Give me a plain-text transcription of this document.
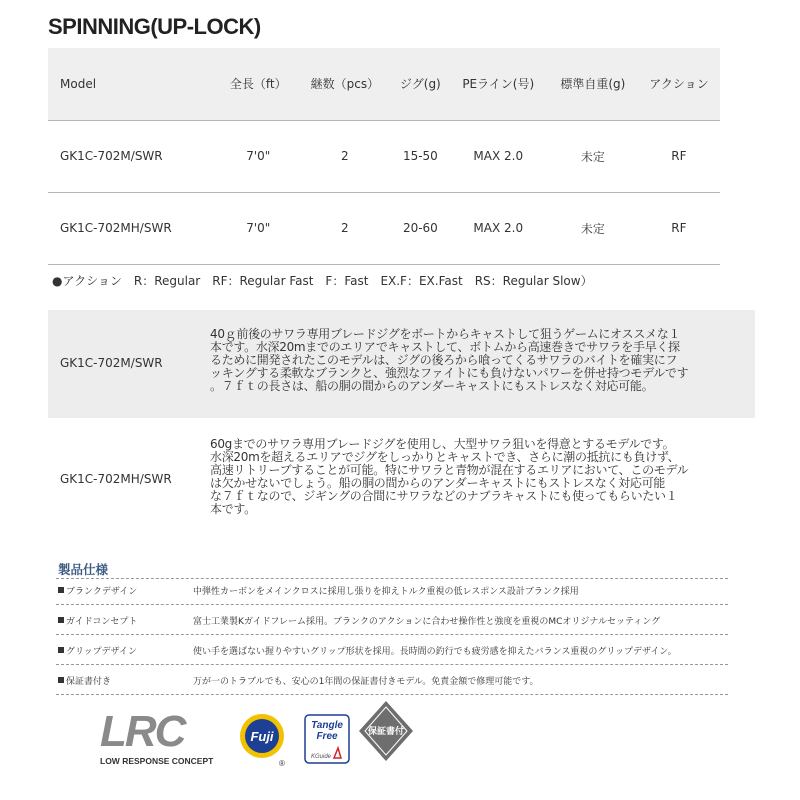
SPINNING(UP-LOCK)
Model	全長（ft）	継数（pcs）	ジグ(g)	PEライン(号)	標準自重(g)	アクション
GK1C-702M/SWR	7'0"	2	15-50	MAX 2.0	未定	RF
GK1C-702MH/SWR	7'0"	2	20-60	MAX 2.0	未定	RF
●アクション　R：Regular　RF：Regular Fast　F：Fast　EX.F：EX.Fast　RS：Regular Slow）
GK1C-702M/SWR
40ｇ前後のサワラ専用ブレードジグをボートからキャストして狙うゲームにオススメな１
本です。水深20mまでのエリアでキャストして、ボトムから高速巻きでサワラを手早く探
るために開発されたこのモデルは、ジグの後ろから喰ってくるサワラのバイトを確実にフ
ッキングする柔軟なブランクと、強烈なファイトにも負けないパワーを併せ持つモデルです
。７ｆｔの長さは、船の胴の間からのアンダーキャストにもストレスなく対応可能。
GK1C-702MH/SWR
60gまでのサワラ専用ブレードジグを使用し、大型サワラ狙いを得意とするモデルです。
水深20mを超えるエリアでジグをしっかりとキャストでき、さらに潮の抵抗にも負けず、
高速リトリーブすることが可能。特にサワラと青物が混在するエリアにおいて、このモデル
は欠かせないでしょう。船の胴の間からのアンダーキャストにもストレスなく対応可能
な７ｆｔなので、ジギングの合間にサワラなどのナブラキャストにも使ってもらいたい１
本です。
製品仕様
ブランクデザイン	中弾性カーボンをメインクロスに採用し張りを抑えトルク重視の低レスポンス設計ブランク採用
ガイドコンセプト	富士工業製Kガイドフレーム採用。ブランクのアクションに合わせ操作性と強度を重視のMCオリジナルセッティング
グリップデザイン	使い手を選ばない握りやすいグリップ形状を採用。長時間の釣行でも疲労感を抑えたバランス重視のグリップデザイン。
保証書付き	万が一のトラブルでも、安心の1年間の保証書付きモデル。免責金額で修理可能です。
LRC
LOW RESPONSE CONCEPT
Fuji
®
Tangle
Free
KGuide
保証書付
